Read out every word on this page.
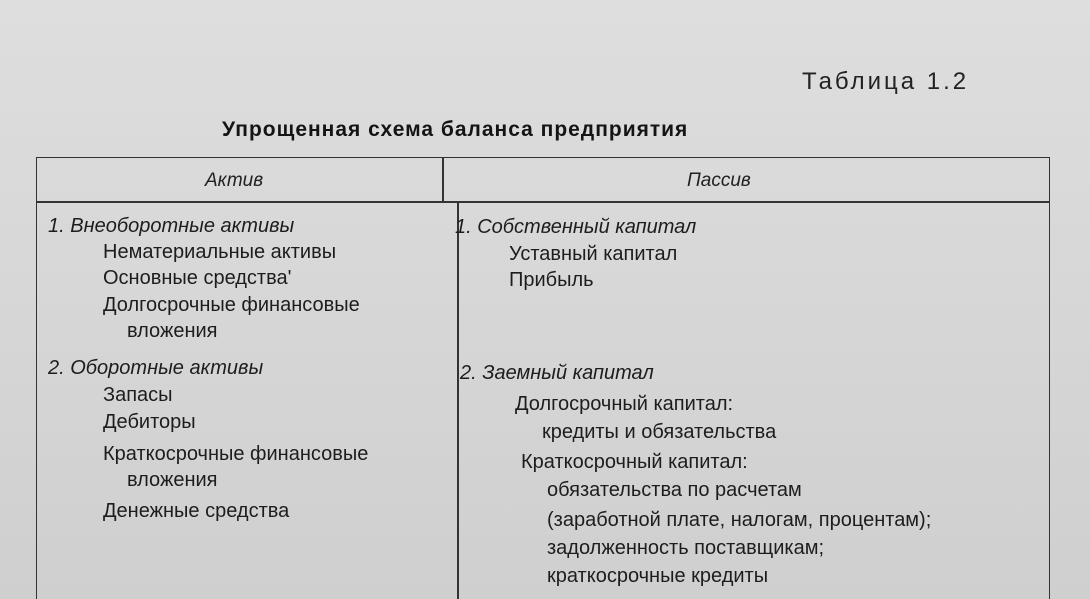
Таблица 1.2
Упрощенная схема баланса предприятия
Актив	Пассив
1. Внеоборотные активы
Нематериальные активы
Основные средства'
Долгосрочные финансовые
вложения
2. Оборотные активы
Запасы
Дебиторы
Краткосрочные финансовые
вложения
Денежные средства
1. Собственный капитал
Уставный капитал
Прибыль
2. Заемный капитал
Долгосрочный капитал:
кредиты и обязательства
Краткосрочный капитал:
обязательства по расчетам
(заработной плате, налогам, процентам);
задолженность поставщикам;
краткосрочные кредиты
